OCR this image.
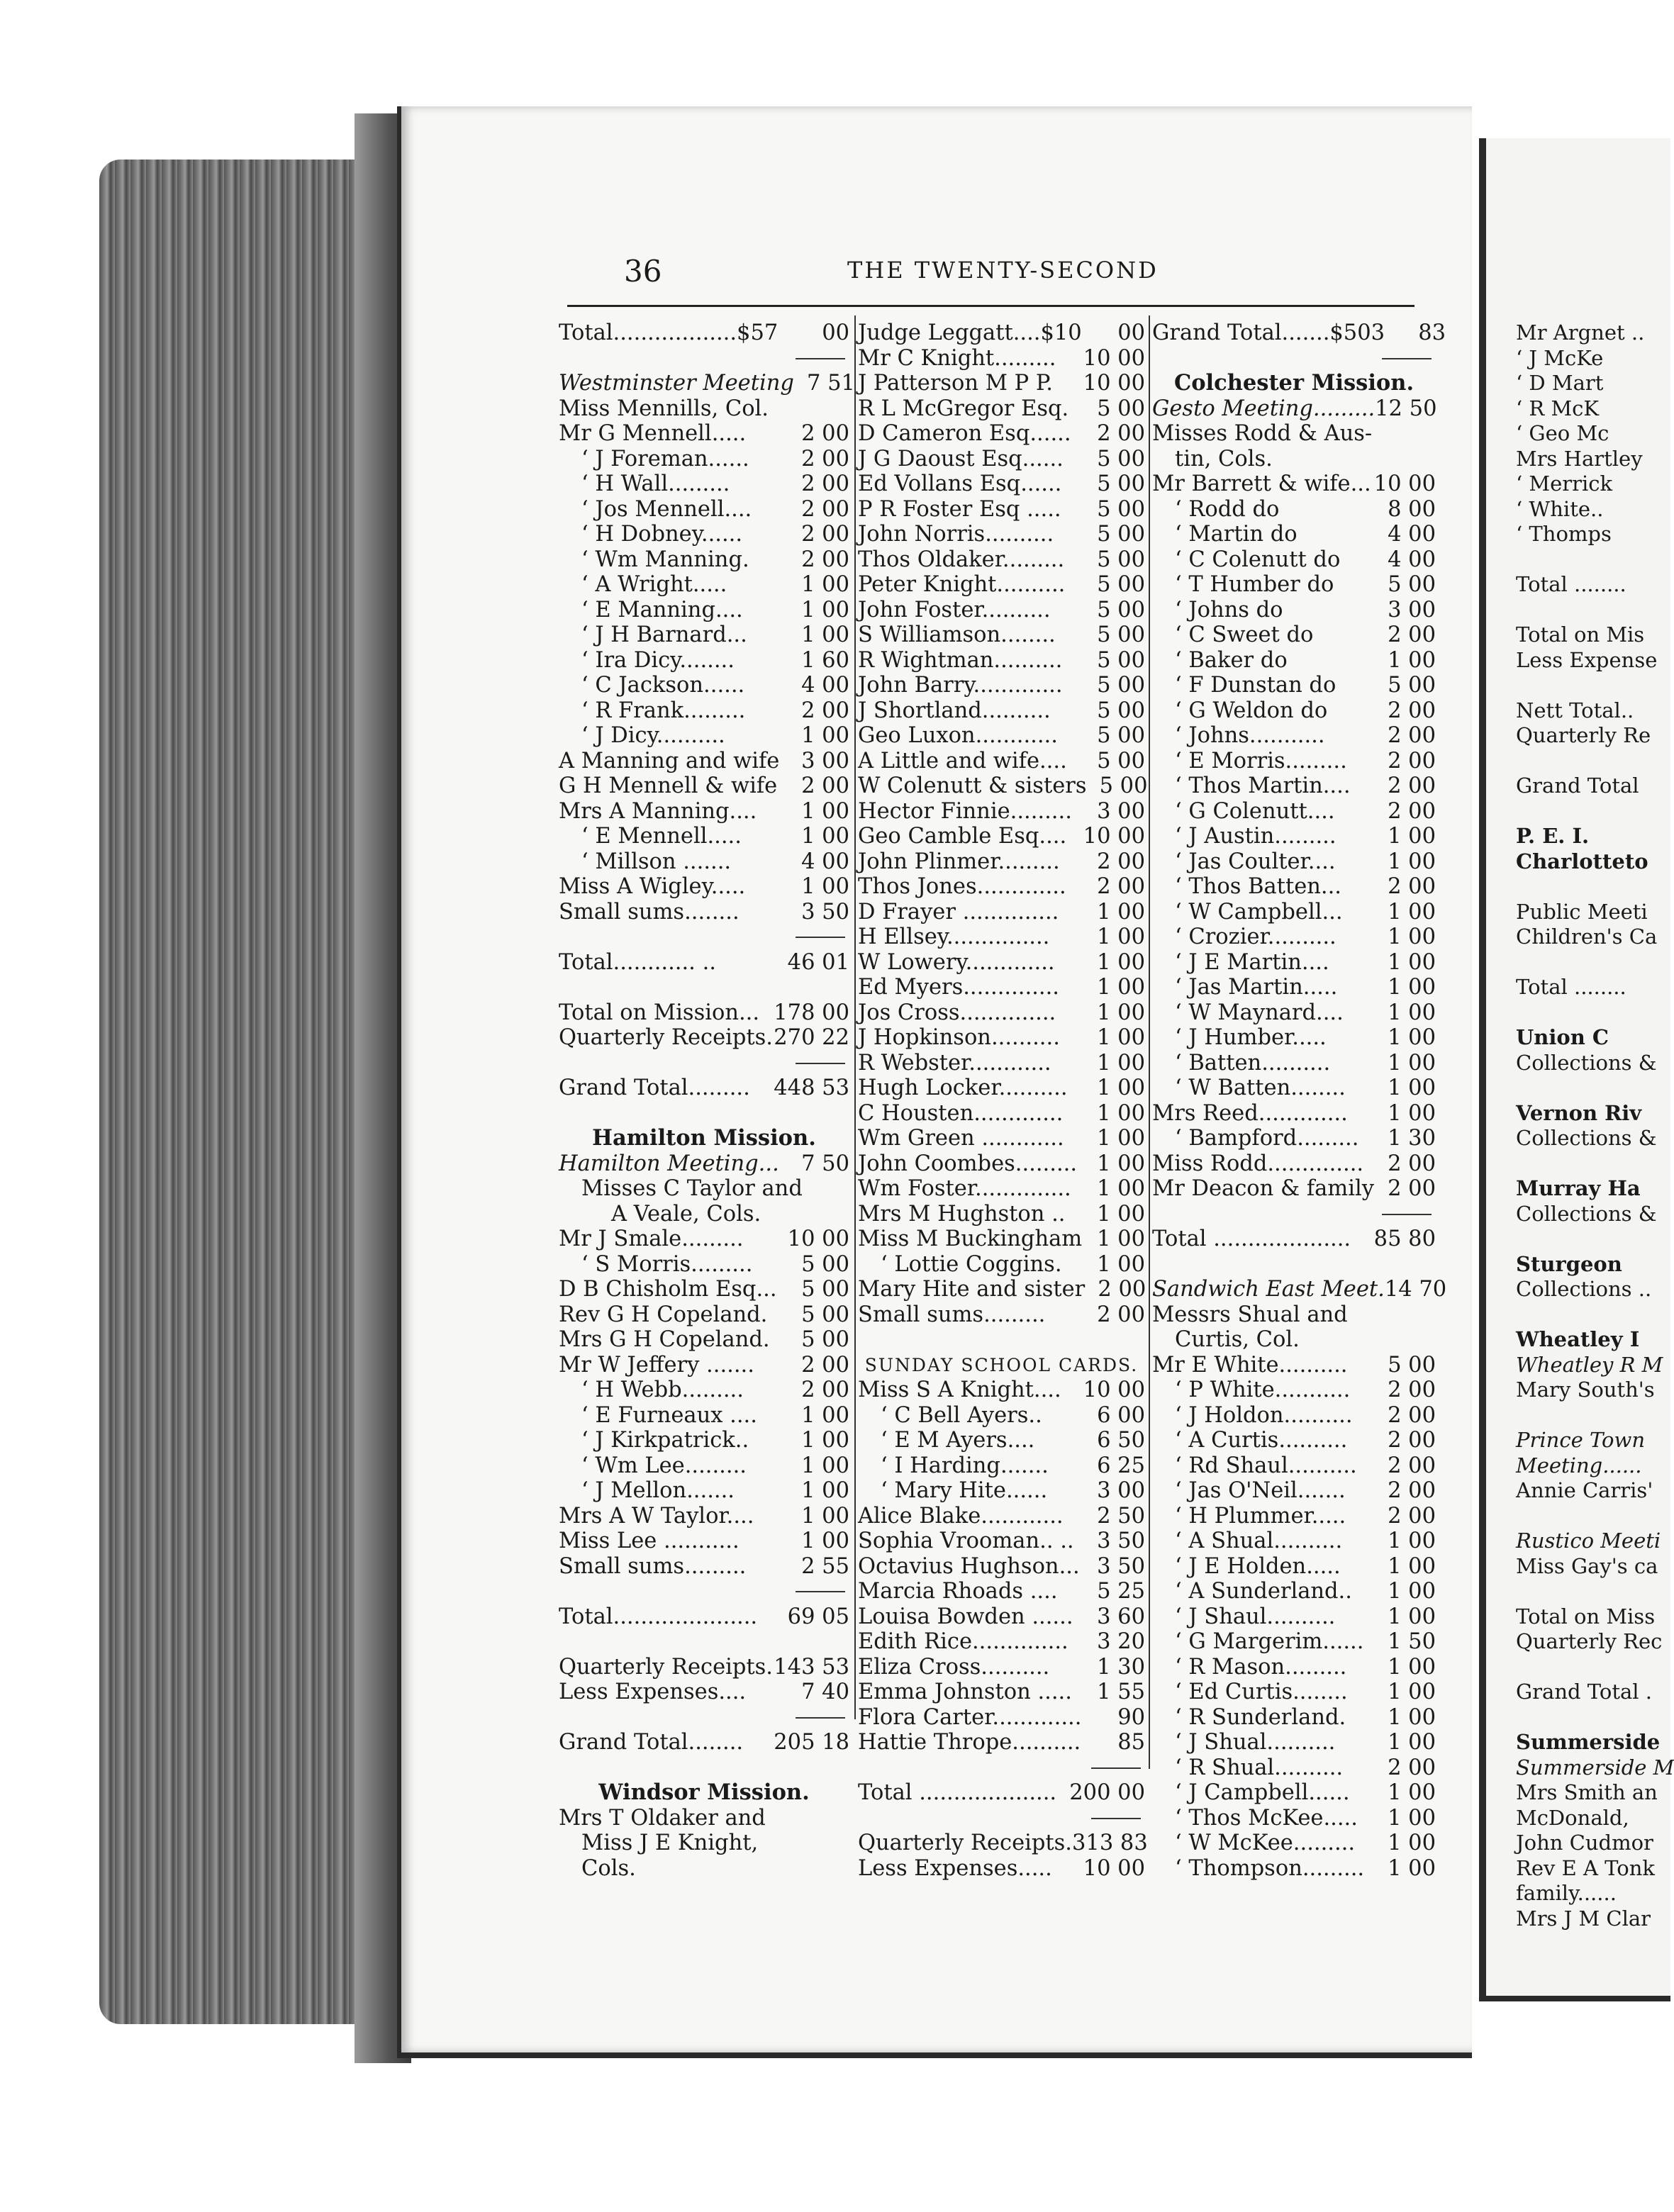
36	THE TWENTY-SECOND
Total..................$57	00
Westminster Meeting 7 51
Miss Mennills, Col.
Mr G Mennell.....	2 00
‘ J Foreman......	2 00
‘ H Wall.........	2 00
‘ Jos Mennell....	2 00
‘ H Dobney......	2 00
‘ Wm Manning.	2 00
‘ A Wright.....	1 00
‘ E Manning....	1 00
‘ J H Barnard...	1 00
‘ Ira Dicy........	1 60
‘ C Jackson......	4 00
‘ R Frank.........	2 00
‘ J Dicy..........	1 00
A Manning and wife	3 00
G H Mennell & wife	2 00
Mrs A Manning....	1 00
‘ E Mennell.....	1 00
‘ Millson .......	4 00
Miss A Wigley.....	1 00
Small sums........	3 50
Total............ ..	46 01
Total on Mission... 178 00
Quarterly Receipts. 270 22
Grand Total......... 448 53
Hamilton Mission.
Hamilton Meeting...	7 50
Misses C Taylor and
A Veale, Cols.
Mr J Smale......... 10 00
‘ S Morris.........	5 00
D B Chisholm Esq...	5 00
Rev G H Copeland.	5 00
Mrs G H Copeland.	5 00
Mr W Jeffery .......	2 00
‘ H Webb.........	2 00
‘ E Furneaux ....	1 00
‘ J Kirkpatrick..	1 00
‘ Wm Lee.........	1 00
‘ J Mellon.......	1 00
Mrs A W Taylor....	1 00
Miss Lee ...........	1 00
Small sums.........	2 55
Total..................... 69 05
Quarterly Receipts. 143 53
Less Expenses....	7 40
Grand Total........ 205 18
Windsor Mission.
Mrs T Oldaker and
Miss J E Knight,
Cols.
Judge Leggatt....$10	00
Mr C Knight......... 10 00
J Patterson M P P. 10 00
R L McGregor Esq.	5 00
D Cameron Esq......	2 00
J G Daoust Esq......	5 00
Ed Vollans Esq......	5 00
P R Foster Esq .....	5 00
John Norris..........	5 00
Thos Oldaker.........	5 00
Peter Knight..........	5 00
John Foster..........	5 00
S Williamson........	5 00
R Wightman..........	5 00
John Barry.............	5 00
J Shortland..........	5 00
Geo Luxon............	5 00
A Little and wife....	5 00
W Colenutt & sisters 5 00
Hector Finnie.........	3 00
Geo Camble Esq.... 10 00
John Plinmer.........	2 00
Thos Jones.............	2 00
D Frayer ..............	1 00
H Ellsey...............	1 00
W Lowery.............	1 00
Ed Myers..............	1 00
Jos Cross..............	1 00
J Hopkinson..........	1 00
R Webster............	1 00
Hugh Locker..........	1 00
C Housten.............	1 00
Wm Green ............	1 00
John Coombes......... 1 00
Wm Foster..............	1 00
Mrs M Hughston ..	1 00
Miss M Buckingham 1 00
‘ Lottie Coggins.	1 00
Mary Hite and sister 2 00
Small sums.........	2 00
SUNDAY SCHOOL CARDS.
Miss S A Knight.... 10 00
‘ C Bell Ayers..	6 00
‘ E M Ayers....	6 50
‘ I Harding.......	6 25
‘ Mary Hite......	3 00
Alice Blake............	2 50
Sophia Vrooman.. ..	3 50
Octavius Hughson... 3 50
Marcia Rhoads ....	5 25
Louisa Bowden ......	3 60
Edith Rice..............	3 20
Eliza Cross..........	1 30
Emma Johnston .....	1 55
Flora Carter.............	90
Hattie Thrope..........	85
Total .................... 200 00
Quarterly Receipts. 313 83
Less Expenses..... 10 00
Grand Total.......$503	83
Colchester Mission.
Gesto Meeting......... 12 50
Misses Rodd & Aus-
tin, Cols.
Mr Barrett & wife... 10 00
‘ Rodd do	8 00
‘ Martin do	4 00
‘ C Colenutt do	4 00
‘ T Humber do	5 00
‘ Johns do	3 00
‘ C Sweet do	2 00
‘ Baker do	1 00
‘ F Dunstan do	5 00
‘ G Weldon do	2 00
‘ Johns...........	2 00
‘ E Morris.........	2 00
‘ Thos Martin....	2 00
‘ G Colenutt....	2 00
‘ J Austin.........	1 00
‘ Jas Coulter....	1 00
‘ Thos Batten...	2 00
‘ W Campbell...	1 00
‘ Crozier..........	1 00
‘ J E Martin....	1 00
‘ Jas Martin.....	1 00
‘ W Maynard....	1 00
‘ J Humber.....	1 00
‘ Batten..........	1 00
‘ W Batten........	1 00
Mrs Reed.............	1 00
‘ Bampford.........	1 30
Miss Rodd..............	2 00
Mr Deacon & family 2 00
Total .................... 85 80
Sandwich East Meet. 14 70
Messrs Shual and
Curtis, Col.
Mr E White..........	5 00
‘ P White...........	2 00
‘ J Holdon..........	2 00
‘ A Curtis..........	2 00
‘ Rd Shaul..........	2 00
‘ Jas O'Neil.......	2 00
‘ H Plummer.....	2 00
‘ A Shual..........	1 00
‘ J E Holden.....	1 00
‘ A Sunderland..	1 00
‘ J Shaul..........	1 00
‘ G Margerim......	1 50
‘ R Mason.........	1 00
‘ Ed Curtis........	1 00
‘ R Sunderland.	1 00
‘ J Shual..........	1 00
‘ R Shual..........	2 00
‘ J Campbell......	1 00
‘ Thos McKee.....	1 00
‘ W McKee.........	1 00
‘ Thompson.........	1 00
Mr Argnet ..
‘ J McKe
‘ D Mart
‘ R McK
‘ Geo Mc
Mrs Hartley
‘ Merrick
‘ White..
‘ Thomps
Total ........
Total on Mis
Less Expense
Nett Total..
Quarterly Re
Grand Total
P. E. I.
Charlotteto
Public Meeti
Children's Ca
Total ........
Union C
Collections &
Vernon Riv
Collections &
Murray Ha
Collections &
Sturgeon
Collections ..
Wheatley I
Wheatley R M
Mary South's
Prince Town
Meeting......
Annie Carris'
Rustico Meeti
Miss Gay's ca
Total on Miss
Quarterly Rec
Grand Total .
Summerside
Summerside M
Mrs Smith an
McDonald,
John Cudmor
Rev E A Tonk
family......
Mrs J M Clar
